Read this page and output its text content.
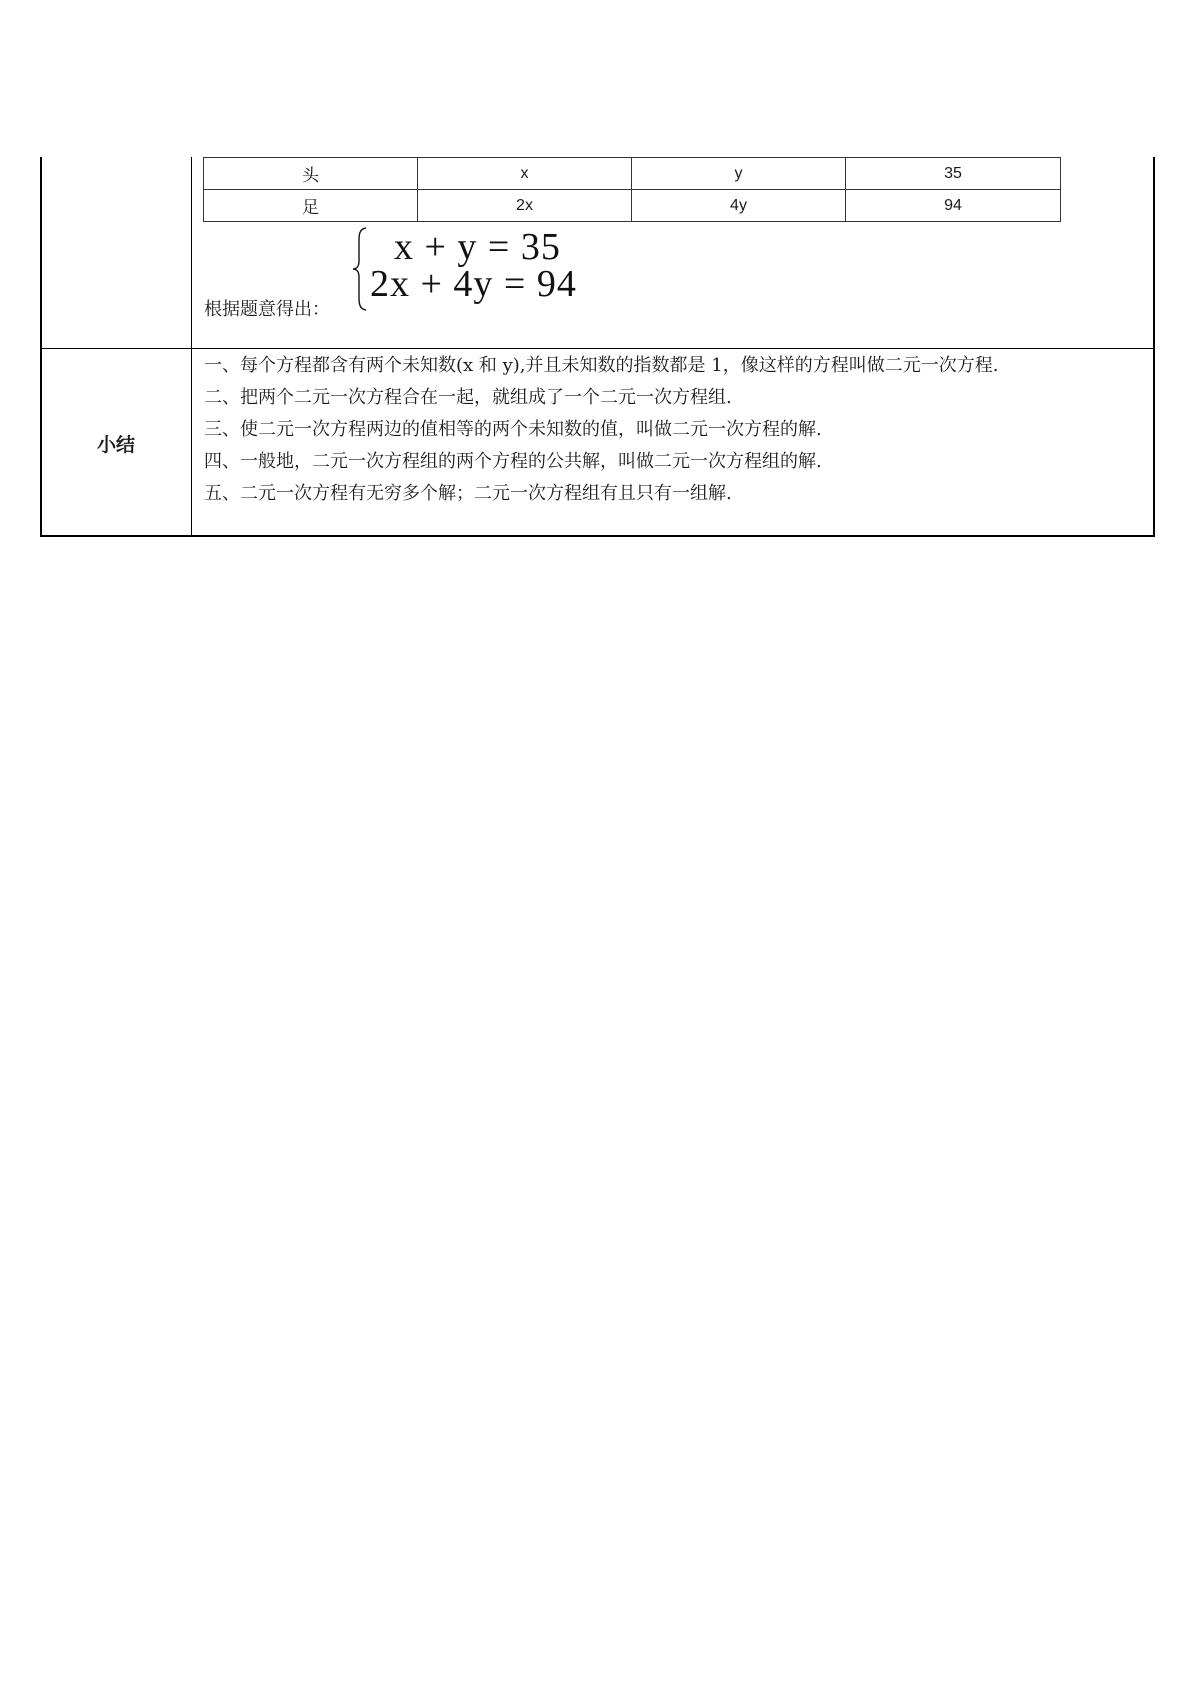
头	x	y	35
足	2x	4y	94
根据题意得出：
x + y = 35
2x + 4y = 94
小结
一、每个方程都含有两个未知数(x 和 y),并且未知数的指数都是 1，像这样的方程叫做二元一次方程.
二、把两个二元一次方程合在一起，就组成了一个二元一次方程组.
三、使二元一次方程两边的值相等的两个未知数的值，叫做二元一次方程的解.
四、一般地，二元一次方程组的两个方程的公共解，叫做二元一次方程组的解.
五、二元一次方程有无穷多个解；二元一次方程组有且只有一组解.
